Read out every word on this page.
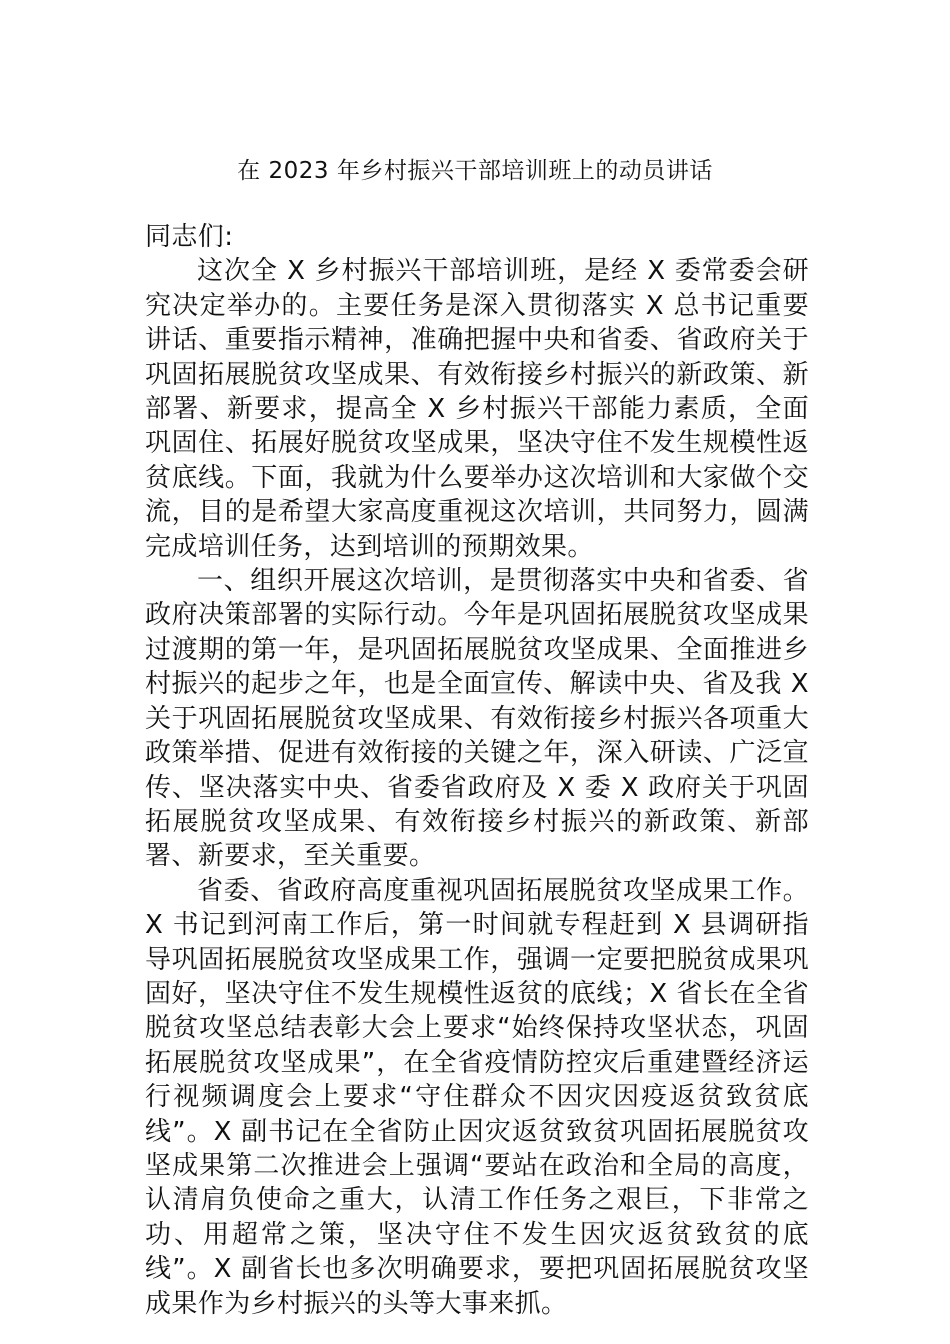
在 2023 年乡村振兴干部培训班上的动员讲话

同志们:

这次全 X 乡村振兴干部培训班，是经 X 委常委会研究决定举办的。主要任务是深入贯彻落实 X 总书记重要讲话、重要指示精神，准确把握中央和省委、省政府关于巩固拓展脱贫攻坚成果、有效衔接乡村振兴的新政策、新部署、新要求，提高全 X 乡村振兴干部能力素质，全面巩固住、拓展好脱贫攻坚成果，坚决守住不发生规模性返贫底线。下面，我就为什么要举办这次培训和大家做个交流，目的是希望大家高度重视这次培训，共同努力，圆满完成培训任务，达到培训的预期效果。

一、组织开展这次培训，是贯彻落实中央和省委、省政府决策部署的实际行动。今年是巩固拓展脱贫攻坚成果过渡期的第一年，是巩固拓展脱贫攻坚成果、全面推进乡村振兴的起步之年，也是全面宣传、解读中央、省及我 X 关于巩固拓展脱贫攻坚成果、有效衔接乡村振兴各项重大政策举措、促进有效衔接的关键之年，深入研读、广泛宣传、坚决落实中央、省委省政府及 X 委 X 政府关于巩固拓展脱贫攻坚成果、有效衔接乡村振兴的新政策、新部署、新要求，至关重要。

省委、省政府高度重视巩固拓展脱贫攻坚成果工作。X 书记到河南工作后，第一时间就专程赶到 X 县调研指导巩固拓展脱贫攻坚成果工作，强调一定要把脱贫成果巩固好，坚决守住不发生规模性返贫的底线；X 省长在全省脱贫攻坚总结表彰大会上要求“始终保持攻坚状态，巩固拓展脱贫攻坚成果”，在全省疫情防控灾后重建暨经济运行视频调度会上要求“守住群众不因灾因疫返贫致贫底线”。X 副书记在全省防止因灾返贫致贫巩固拓展脱贫攻坚成果第二次推进会上强调“要站在政治和全局的高度，认清肩负使命之重大，认清工作任务之艰巨，下非常之功、用超常之策，坚决守住不发生因灾返贫致贫的底线”。X 副省长也多次明确要求，要把巩固拓展脱贫攻坚成果作为乡村振兴的头等大事来抓。
